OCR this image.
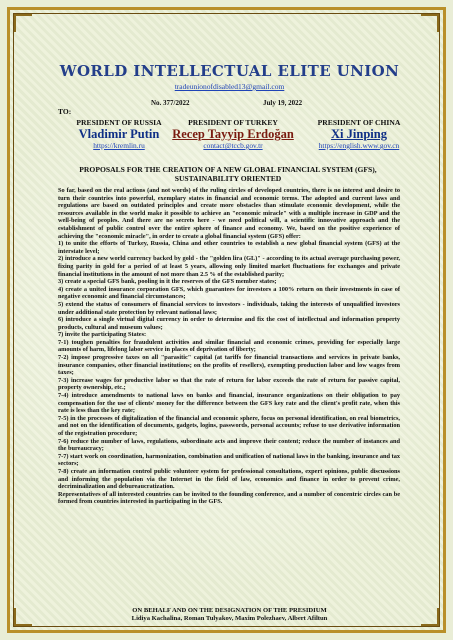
WORLD INTELLECTUAL ELITE UNION
tradeunionofdisabled13@gmail.com
No. 377/2022	July 19, 2022
TO:
PRESIDENT OF RUSSIA
Vladimir Putin
https://kremlin.ru
PRESIDENT OF TURKEY
Recep Tayyip Erdoğan
contact@tccb.gov.tr
PRESIDENT OF CHINA
Xi Jinping
https://english.www.gov.cn
PROPOSALS FOR THE CREATION OF A NEW GLOBAL FINANCIAL SYSTEM (GFS),
SUSTAINABILITY ORIENTED

So far, based on the real actions (and not words) of the ruling circles of developed countries, there is no interest and desire to turn their countries into powerful, exemplary states in financial and economic terms. The adopted and current laws and regulations are based on outdated principles and create more obstacles than stimulate economic development, while the resources available in the world make it possible to achieve an "economic miracle" with a multiple increase in GDP and the well-being of peoples. And there are no secrets here - we need political will, a scientific innovative approach and the establishment of public control over the entire sphere of finance and economy. We, based on the positive experience of achieving the "economic miracle", in order to create a global financial system (GFS) offer:

1) to unite the efforts of Turkey, Russia, China and other countries to establish a new global financial system (GFS) at the interstate level;

2) introduce a new world currency backed by gold - the "golden lira (GL)" - according to its actual average purchasing power, fixing parity in gold for a period of at least 5 years, allowing only limited market fluctuations for exchanges and private financial institutions in the amount of not more than 2.5 % of the established parity;

3) create a special GFS bank, pooling in it the reserves of the GFS member states;

4) create a united insurance corporation GFS, which guarantees for investors a 100% return on their investments in case of negative economic and financial circumstances;

5) extend the status of consumers of financial services to investors - individuals, taking the interests of unqualified investors under additional state protection by relevant national laws;

6) introduce a single virtual digital currency in order to determine and fix the cost of intellectual and information property products, cultural and museum values;

7) invite the participating States:

7-1) toughen penalties for fraudulent activities and similar financial and economic crimes, providing for especially large amounts of harm, lifelong labor service in places of deprivation of liberty;

7-2) impose progressive taxes on all "parasitic" capital (at tariffs for financial transactions and services in private banks, insurance companies, other financial institutions; on the profits of resellers), exempting production labor and low wages from taxes;

7-3) increase wages for productive labor so that the rate of return for labor exceeds the rate of return for passive capital, property ownership, etc.;

7-4) introduce amendments to national laws on banks and financial, insurance organizations on their obligation to pay compensation for the use of clients' money for the difference between the GFS key rate and the client's profit rate, when this rate is less than the key rate;

7-5) in the processes of digitalization of the financial and economic sphere, focus on personal identification, on real biometrics, and not on the identification of documents, gadgets, logins, passwords, personal accounts; refuse to use derivative information of the registration procedure;

7-6) reduce the number of laws, regulations, subordinate acts and improve their content; reduce the number of instances and the bureaucracy;

7-7) start work on coordination, harmonization, combination and unification of national laws in the banking, insurance and tax sectors;

7-8) create an information control public volunteer system for professional consultations, expert opinions, public discussions and informing the population via the Internet in the field of law, economics and finance in order to prevent crime, decriminalization and debureaucratization.

Representatives of all interested countries can be invited to the founding conference, and a number of concentric circles can be formed from countries interested in participating in the GFS.

ON BEHALF AND ON THE DESIGNATION OF THE PRESIDIUM
Lidiya Kachalina, Roman Tulyakov, Maxim Polezhaev, Albert Afiltun
